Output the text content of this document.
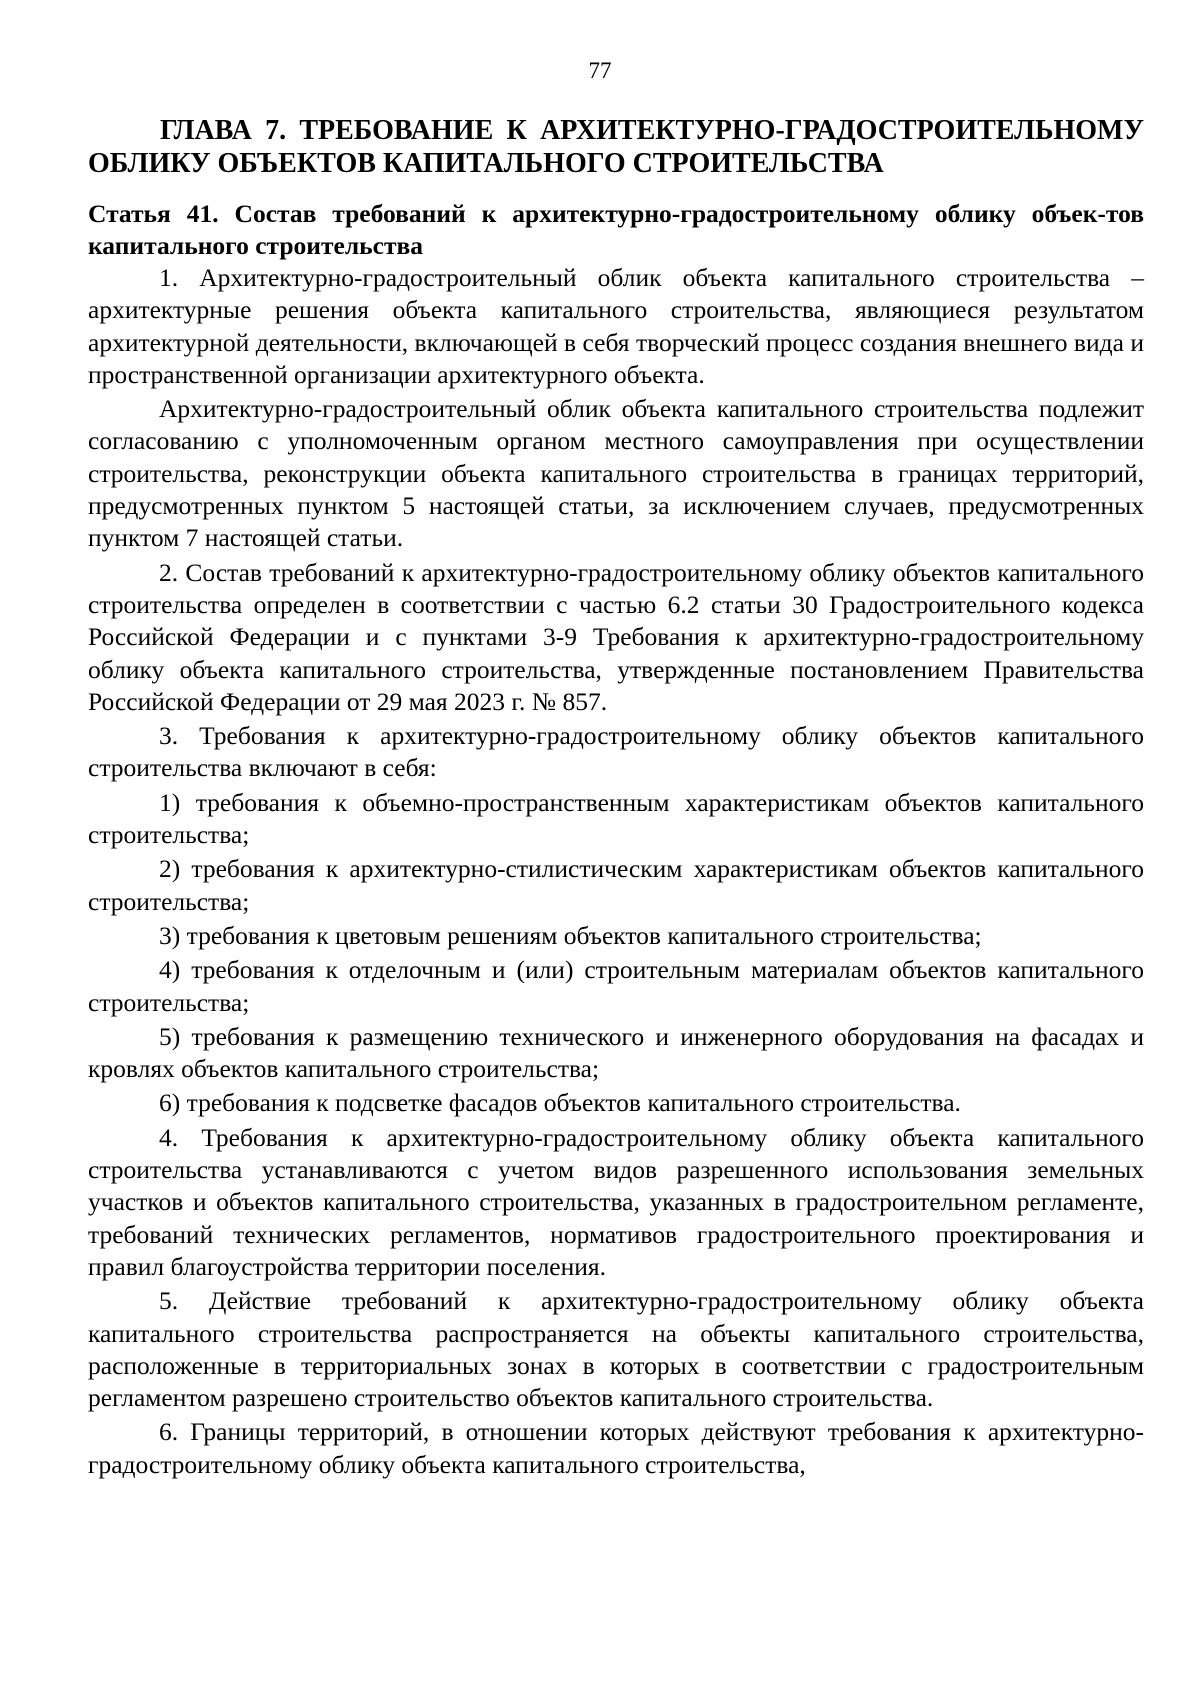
77
ГЛАВА 7. ТРЕБОВАНИЕ К АРХИТЕКТУРНО-ГРАДОСТРОИТЕЛЬНОМУ ОБЛИКУ ОБЪЕКТОВ КАПИТАЛЬНОГО СТРОИТЕЛЬСТВА
Статья 41. Состав требований к архитектурно-градостроительному облику объек-тов капитального строительства

1. Архитектурно-градостроительный облик объекта капитального строительства – архитектурные решения объекта капитального строительства, являющиеся результатом архитектурной деятельности, включающей в себя творческий процесс создания внешнего вида и пространственной организации архитектурного объекта.

Архитектурно-градостроительный облик объекта капитального строительства подлежит согласованию с уполномоченным органом местного самоуправления при осуществлении строительства, реконструкции объекта капитального строительства в границах территорий, предусмотренных пунктом 5 настоящей статьи, за исключением случаев, предусмотренных пунктом 7 настоящей статьи.

2. Состав требований к архитектурно-градостроительному облику объектов капитального строительства определен в соответствии с частью 6.2 статьи 30 Градостроительного кодекса Российской Федерации и с пунктами 3-9 Требования к архитектурно-градостроительному облику объекта капитального строительства, утвержденные постановлением Правительства Российской Федерации от 29 мая 2023 г. № 857.

3. Требования к архитектурно-градостроительному облику объектов капитального строительства включают в себя:

1) требования к объемно-пространственным характеристикам объектов капитального строительства;

2) требования к архитектурно-стилистическим характеристикам объектов капитального строительства;

3) требования к цветовым решениям объектов капитального строительства;

4) требования к отделочным и (или) строительным материалам объектов капитального строительства;

5) требования к размещению технического и инженерного оборудования на фасадах и кровлях объектов капитального строительства;

6) требования к подсветке фасадов объектов капитального строительства.

4. Требования к архитектурно-градостроительному облику объекта капитального строительства устанавливаются с учетом видов разрешенного использования земельных участков и объектов капитального строительства, указанных в градостроительном регламенте, требований технических регламентов, нормативов градостроительного проектирования и правил благоустройства территории поселения.

5. Действие требований к архитектурно-градостроительному облику объекта капитального строительства распространяется на объекты капитального строительства, расположенные в территориальных зонах в которых в соответствии с градостроительным регламентом разрешено строительство объектов капитального строительства.

6. Границы территорий, в отношении которых действуют требования к архитектурно-градостроительному облику объекта капитального строительства,
